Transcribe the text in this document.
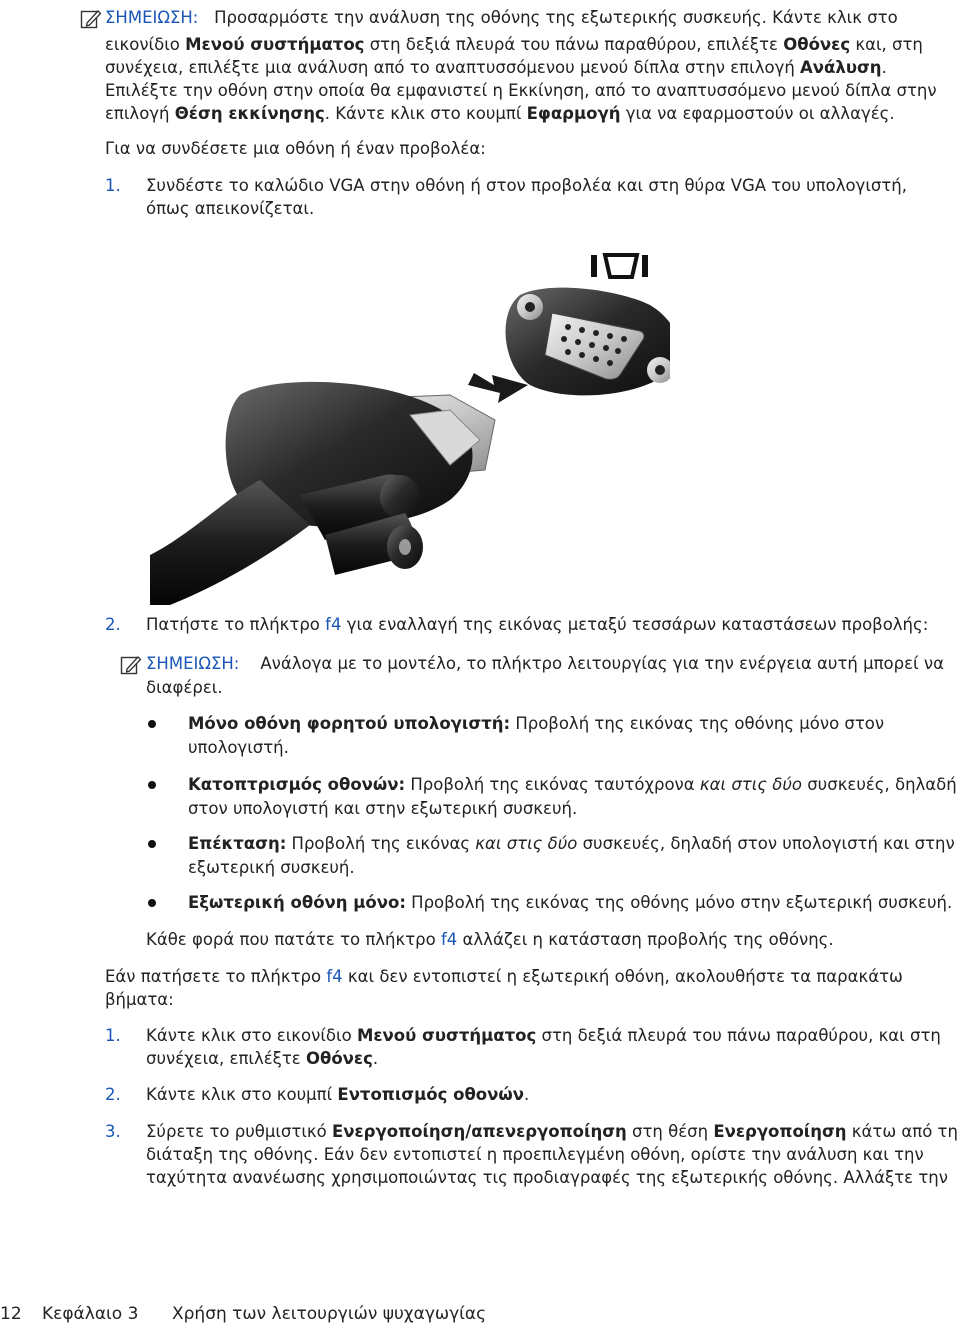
ΣΗΜΕΙΩΣΗ: Προσαρμόστε την ανάλυση της οθόνης της εξωτερικής συσκευής. Κάντε κλικ στο
εικονίδιο Μενού συστήματος στη δεξιά πλευρά του πάνω παραθύρου, επιλέξτε Οθόνες και, στη
συνέχεια, επιλέξτε μια ανάλυση από το αναπτυσσόμενου μενού δίπλα στην επιλογή Ανάλυση.
Επιλέξτε την οθόνη στην οποία θα εμφανιστεί η Εκκίνηση, από το αναπτυσσόμενο μενού δίπλα στην
επιλογή Θέση εκκίνησης. Κάντε κλικ στο κουμπί Εφαρμογή για να εφαρμοστούν οι αλλαγές.
Για να συνδέσετε μια οθόνη ή έναν προβολέα:
1. Συνδέστε το καλώδιο VGA στην οθόνη ή στον προβολέα και στη θύρα VGA του υπολογιστή,
όπως απεικονίζεται.
2. Πατήστε το πλήκτρο f4 για εναλλαγή της εικόνας μεταξύ τεσσάρων καταστάσεων προβολής:
ΣΗΜΕΙΩΣΗ: Ανάλογα με το μοντέλο, το πλήκτρο λειτουργίας για την ενέργεια αυτή μπορεί να
διαφέρει.
Μόνο οθόνη φορητού υπολογιστή: Προβολή της εικόνας της οθόνης μόνο στον
υπολογιστή.
Κατοπτρισμός οθονών: Προβολή της εικόνας ταυτόχρονα και στις δύο συσκευές, δηλαδή
στον υπολογιστή και στην εξωτερική συσκευή.
Επέκταση: Προβολή της εικόνας και στις δύο συσκευές, δηλαδή στον υπολογιστή και στην
εξωτερική συσκευή.
Εξωτερική οθόνη μόνο: Προβολή της εικόνας της οθόνης μόνο στην εξωτερική συσκευή.
Κάθε φορά που πατάτε το πλήκτρο f4 αλλάζει η κατάσταση προβολής της οθόνης.
Εάν πατήσετε το πλήκτρο f4 και δεν εντοπιστεί η εξωτερική οθόνη, ακολουθήστε τα παρακάτω
βήματα:
1. Κάντε κλικ στο εικονίδιο Μενού συστήματος στη δεξιά πλευρά του πάνω παραθύρου, και στη
συνέχεια, επιλέξτε Οθόνες.
2. Κάντε κλικ στο κουμπί Εντοπισμός οθονών.
3. Σύρετε το ρυθμιστικό Ενεργοποίηση/απενεργοποίηση στη θέση Ενεργοποίηση κάτω από τη
διάταξη της οθόνης. Εάν δεν εντοπιστεί η προεπιλεγμένη οθόνη, ορίστε την ανάλυση και την
ταχύτητα ανανέωσης χρησιμοποιώντας τις προδιαγραφές της εξωτερικής οθόνης. Αλλάξτε την
12 Κεφάλαιο 3 Χρήση των λειτουργιών ψυχαγωγίας
